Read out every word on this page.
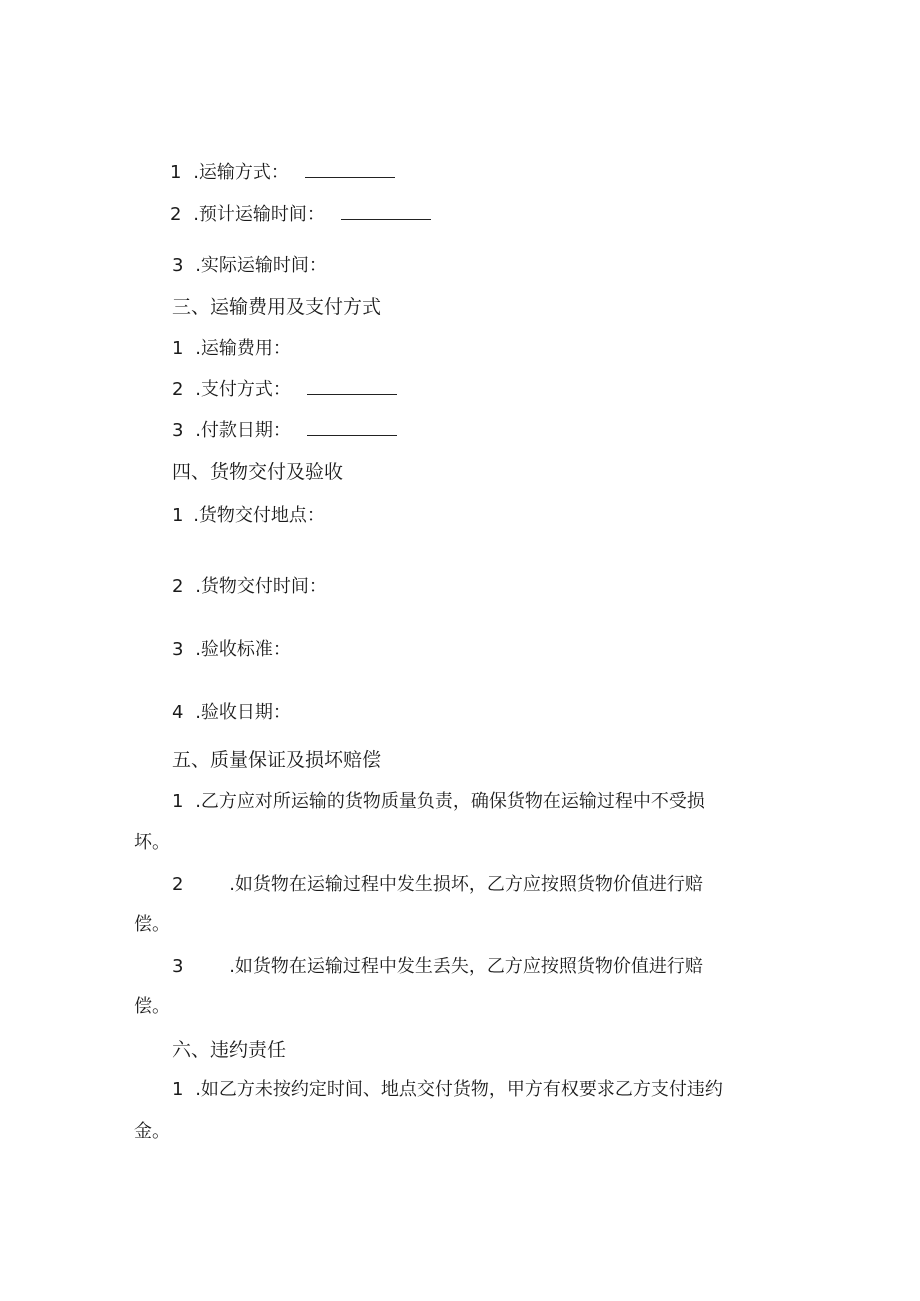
1 .运输方式：
2 .预计运输时间：
3 .实际运输时间：
三、运输费用及支付方式
1 .运输费用：
2 .支付方式：
3 .付款日期：
四、货物交付及验收
1 .货物交付地点：
2 .货物交付时间：
3 .验收标准：
4 .验收日期：
五、质量保证及损坏赔偿
1 .乙方应对所运输的货物质量负责，确保货物在运输过程中不受损
坏。
2	.如货物在运输过程中发生损坏，乙方应按照货物价值进行赔
偿。
3	.如货物在运输过程中发生丢失，乙方应按照货物价值进行赔
偿。
六、违约责任
1 .如乙方未按约定时间、地点交付货物，甲方有权要求乙方支付违约
金。
